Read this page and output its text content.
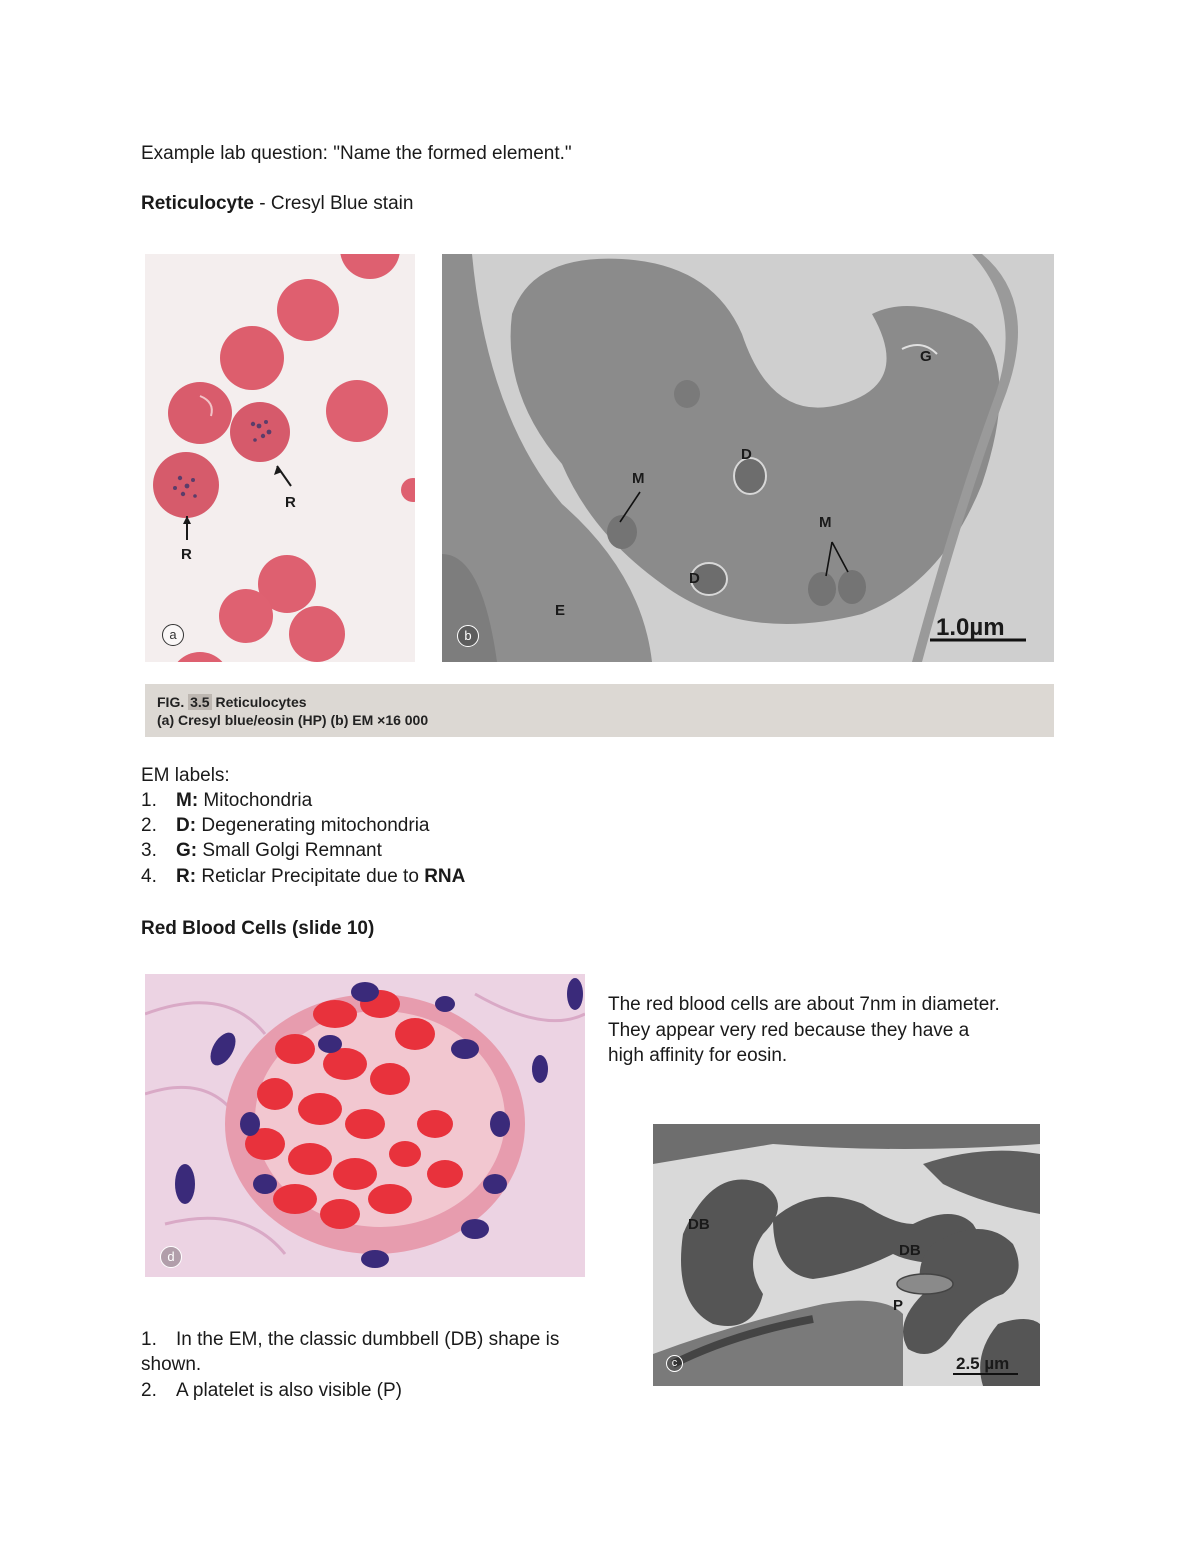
Example lab question: "Name the formed element."
Reticulocyte - Cresyl Blue stain
R
R
a
G
D
M
M
D
E
1.0µm
b
FIG. 3.5 Reticulocytes
(a) Cresyl blue/eosin (HP) (b) EM ×16 000
EM labels:
1. M: Mitochondria
2. D: Degenerating mitochondria
3. G: Small Golgi Remnant
4. R: Reticlar Precipitate due to RNA
Red Blood Cells (slide 10)
d
The red blood cells are about 7nm in diameter.
They appear very red because they have a
high affinity for eosin.
DB
DB
P
2.5 µm
c
1. In the EM, the classic dumbbell (DB) shape is
shown.
2. A platelet is also visible (P)
